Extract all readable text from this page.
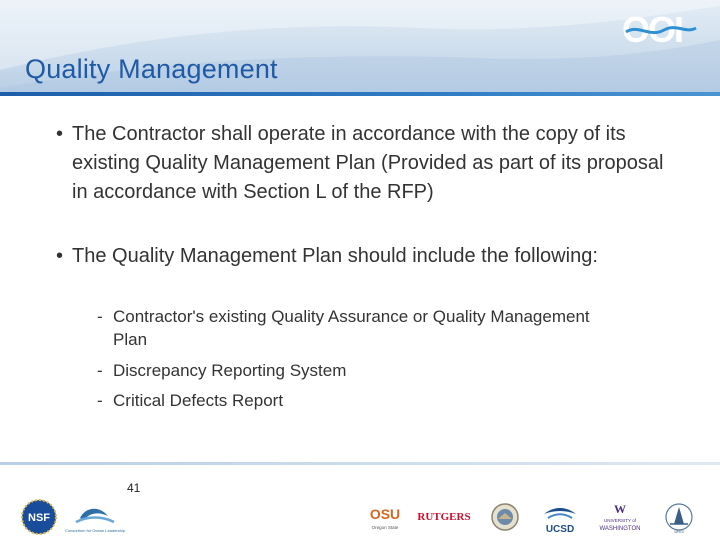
OOI
Quality Management
• The Contractor shall operate in accordance with the copy of its existing Quality Management Plan (Provided as part of its proposal in accordance with Section L of the RFP)
• The Quality Management Plan should include the following:
- Contractor's existing Quality Assurance or Quality Management Plan
- Discrepancy Reporting System
- Critical Defects Report
NSF
Consortium for Ocean Leadership
41
OSU
Oregon State
RUTGERS
UCSD
W
UNIVERSITY of
WASHINGTON	WHOI
